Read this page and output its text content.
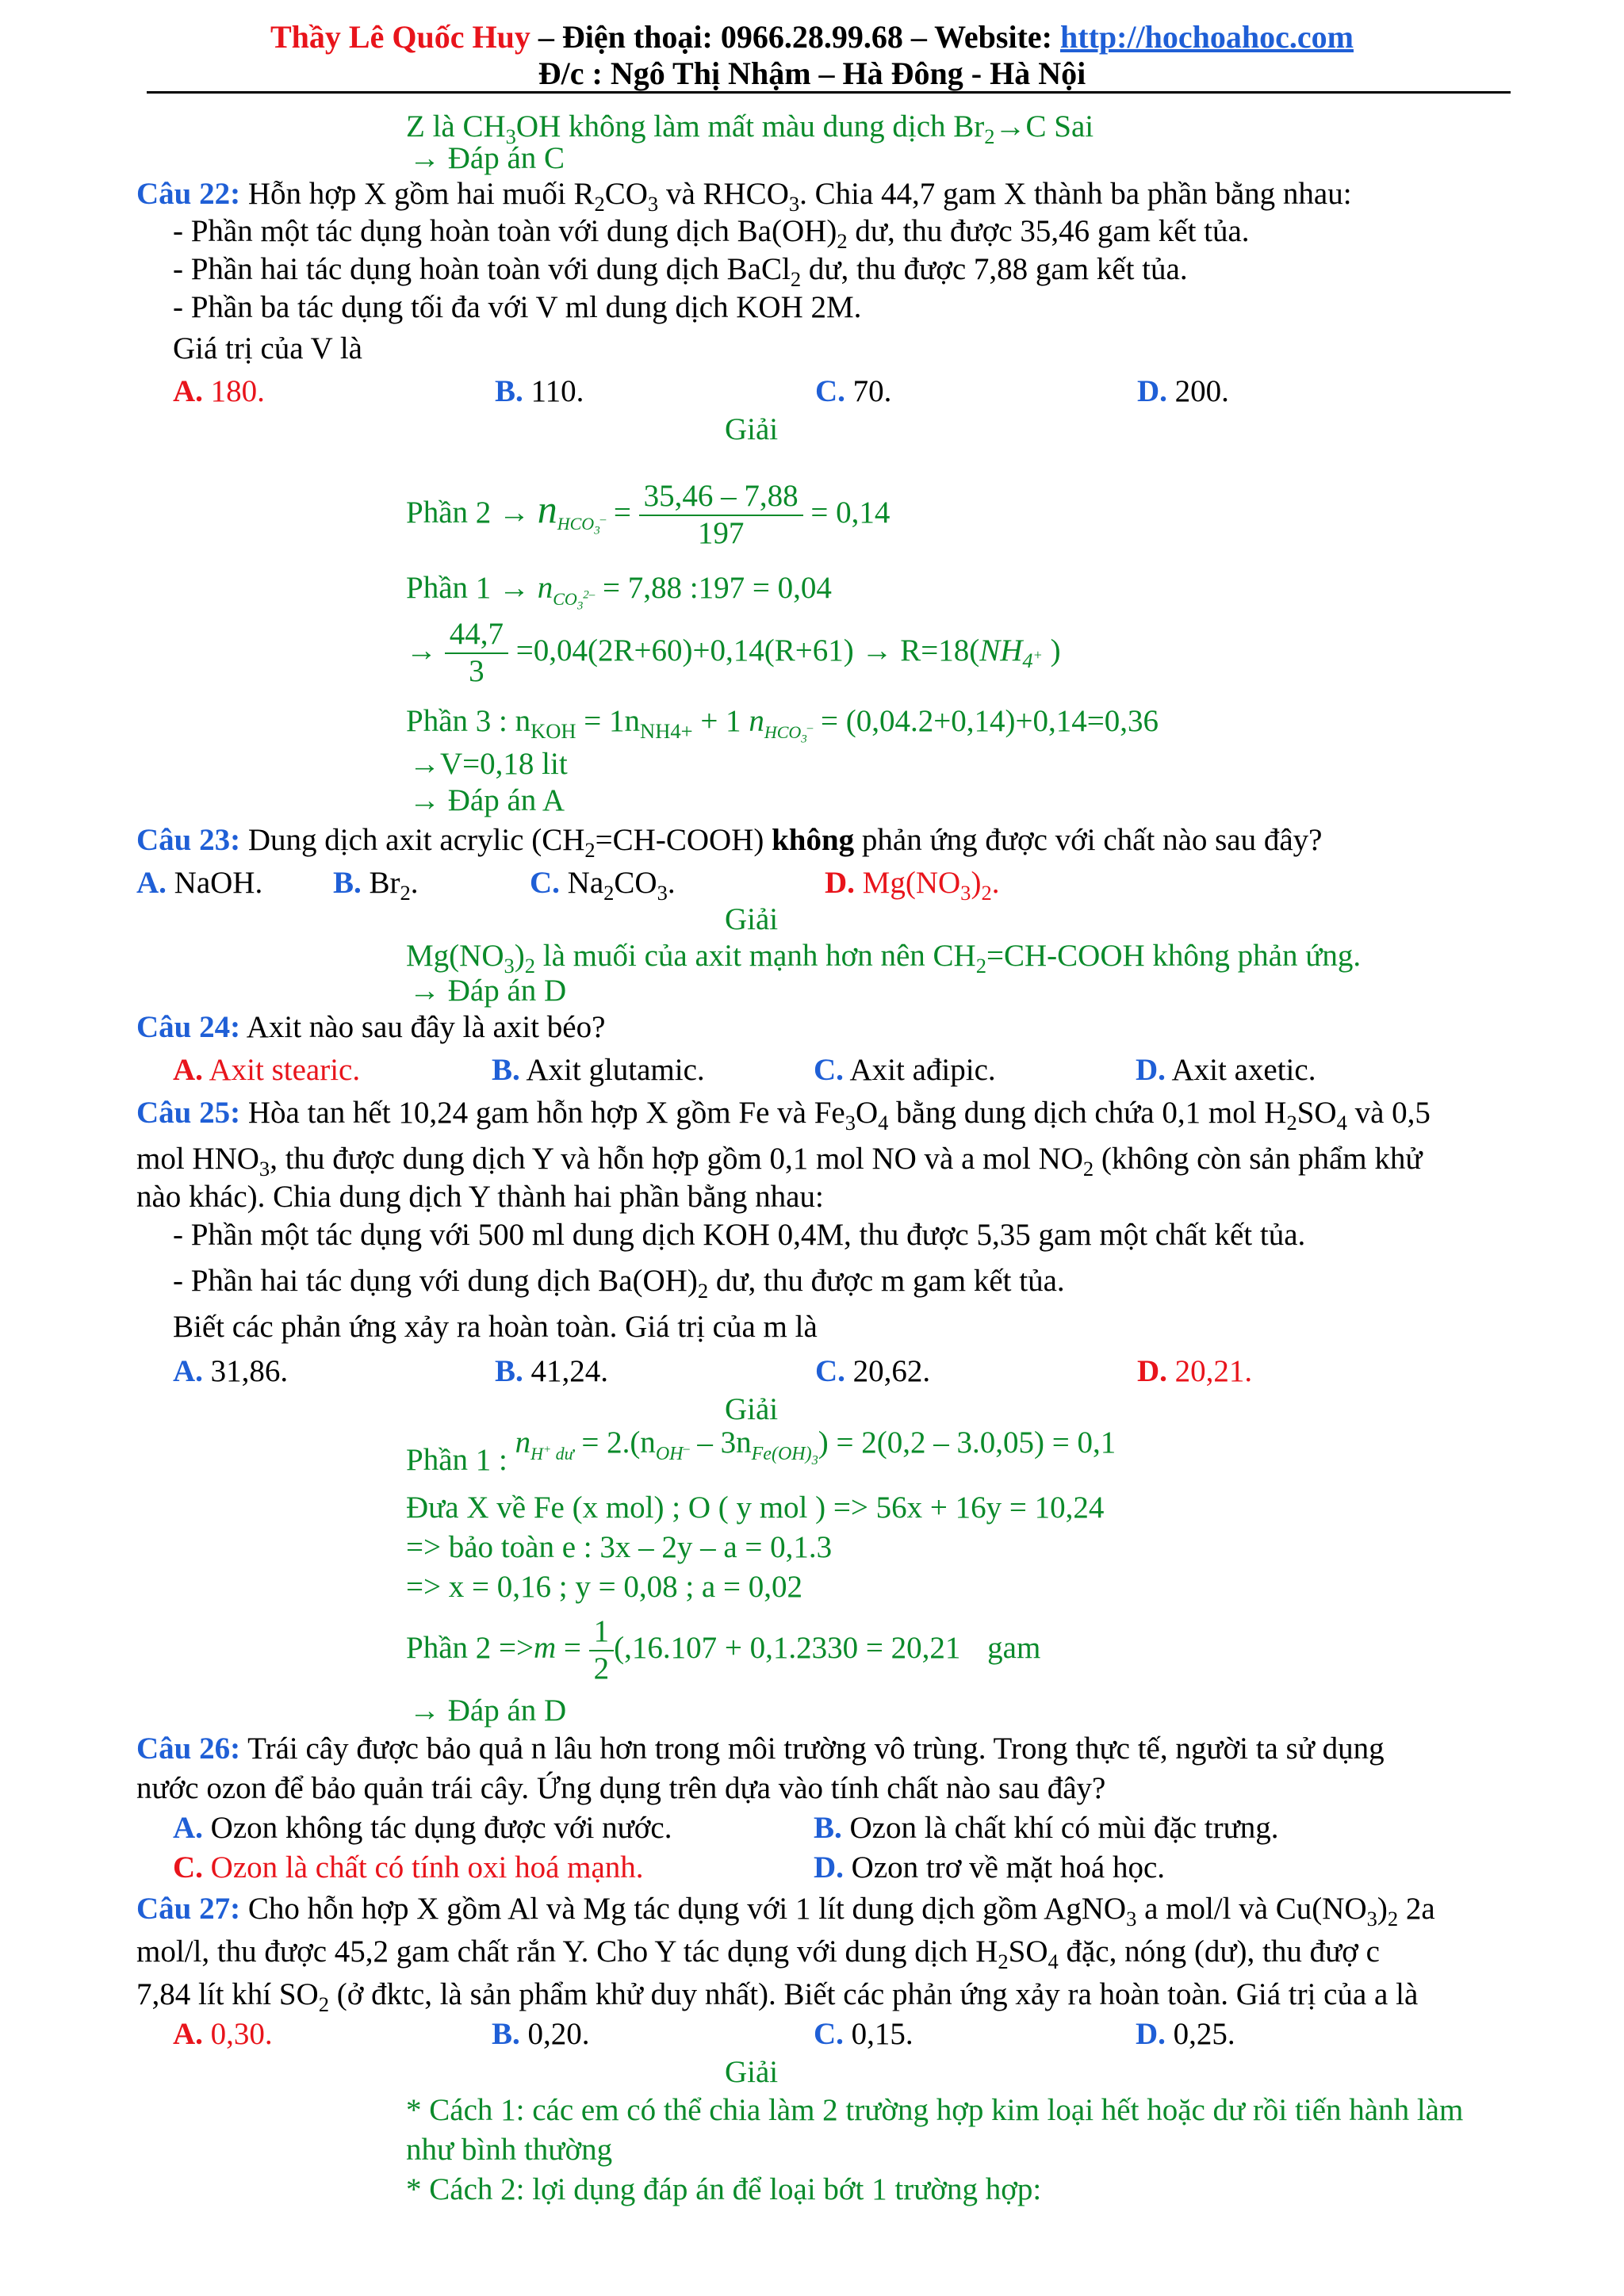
Thầy Lê Quốc Huy – Điện thoại: 0966.28.99.68 – Website: http://hochoahoc.com
Đ/c : Ngô Thị Nhậm – Hà Đông - Hà Nội
Z là $CH_3OH$ không làm mất màu dung dịch $Br_2\to C$ Sai
→ Đáp án C
Câu 22: Hỗn hợp X gồm hai muối $R_2CO_3$ và $RHCO_3$. Chia 44,7 gam X thành ba phần bằng nhau:
- Phần một tác dụng hoàn toàn với dung dịch $Ba(OH)_2$ dư, thu được 35,46 gam kết tủa.
- Phần hai tác dụng hoàn toàn với dung dịch BaCl$_2$ dư, thu được 7,88 gam kết tủa.
- Phần ba tác dụng tối đa với V ml dung dịch KOH 2M.
Giá trị của V là
A. 180.	B. 110.	C. 70.	D. 200.
Giải
Phần $2 \to n_{HCO_3^-} = \frac{35,46 - 7,88}{197} = 0,14$
Phần $1 \to n_{CO_3^{2-}} = 7,88$ :197 = 0,04
→ $\frac{44,7}{3} =0,04(2R+60)+0,14(R+61) \to R=18(NH_{4^+}$ )
Phần 3 : $n_{KOH} = 1n_{NH4+} + 1$ $n_{HCO_3^-} = (0,04.2+0,14)+0,14=0,36$
→V=0,18 lit
→ Đáp án A
Câu 23: Dung dịch axit acrylic $(CH_2=CH-COOH)$ không phản ứng được với chất nào sau đây?
A. NaOH. B. $Br_2$.	C. $Na_2CO_3$.	D. $Mg(NO_3)_2$.
Giải
$Mg(NO_3)_2$ là muối của axit mạnh hơn nên $CH_2=CH$-COOH không phản ứng.
→ Đáp án D
Câu 24: Axit nào sau đây là axit béo?
A. Axit stearic.	B. Axit glutamic.	C. Axit ađipic.	D. Axit axetic.
Câu 25: Hòa tan hết 10,24 gam hỗn hợp X gồm Fe và $Fe_3O_4$ bằng dung dịch chứa 0,1 mol $H_2SO_4$ và 0,5
mol $HNO_3$, thu được dung dịch Y và hỗn hợp gồm 0,1 mol NO và a mol $NO_2$ (không còn sản phẩm khử
nào khác). Chia dung dịch Y thành hai phần bằng nhau:
- Phần một tác dụng với 500 ml dung dịch KOH 0,4M, thu được 5,35 gam một chất kết tủa.
- Phần hai tác dụng với dung dịch $Ba(OH)_2$ dư, thu được m gam kết tủa.
Biết các phản ứng xảy ra hoàn toàn. Giá trị của m là
A. 31,86.	B. 41,24.	C. 20,62.	D. 20,21.
Giải
Phần 1 : $n_{H^+ dư} = 2.(n_{OH^-} - 3n_{Fe(OH)_3}) = 2(0,2 - 3.0,05) = 0,1$
Đưa X về Fe (x mol) ; O ( y mol ) => 56x + 16y = 10,24
=> bảo toàn e : 3x – 2y – a = 0,1.3
=> x = 0,16 ; y = 0,08 ; a = 0,02
Phần $2 =>m = \frac{1}{2} (,16.107 + 0,1.2330 = 20,21$ gam
→ Đáp án D
Câu 26: Trái cây được bảo quả n lâu hơn trong môi trường vô trùng. Trong thực tế, người ta sử dụng
nước ozon để bảo quản trái cây. Ứng dụng trên dựa vào tính chất nào sau đây?
A. Ozon không tác dụng được với nước.	B. Ozon là chất khí có mùi đặc trưng.
C. Ozon là chất có tính oxi hoá mạnh.	D. Ozon trơ về mặt hoá học.
Câu 27: Cho hỗn hợp X gồm Al và Mg tác dụng với 1 lít dung dịch gồm AgNO$_3$ a mol/l và $Cu(NO_3)_2$ 2a
mol/l, thu được 45,2 gam chất rắn Y. Cho Y tác dụng với dung dịch $H_2SO_4$ đặc, nóng (dư), thu đượ c
7,84 lít khí $SO_2$ (ở đktc, là sản phẩm khử duy nhất). Biết các phản ứng xảy ra hoàn toàn. Giá trị của a là
A. 0,30.	B. 0,20.	C. 0,15.	D. 0,25.
Giải
* Cách 1: các em có thể chia làm 2 trường hợp kim loại hết hoặc dư rồi tiến hành làm
như bình thường
* Cách 2: lợi dụng đáp án để loại bớt 1 trường hợp:
